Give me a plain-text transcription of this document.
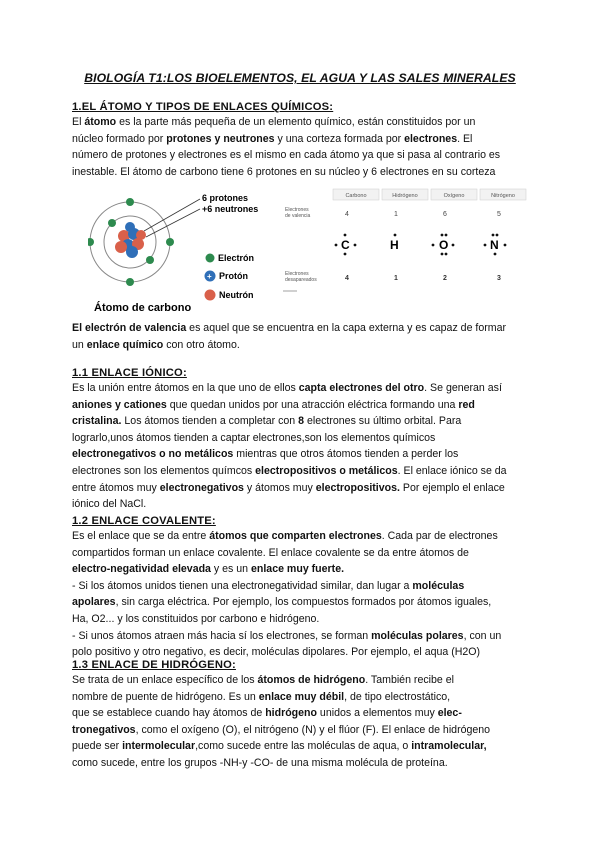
BIOLOGÍA T1:LOS BIOELEMENTOS, EL AGUA Y LAS SALES MINERALES
1.EL ÁTOMO Y TIPOS DE ENLACES QUÍMICOS:

El átomo es la parte más pequeña de un elemento químico, están constituidos por un

núcleo formado por protones y neutrones y una corteza formada por electrones. El

número de protones y electrones es el mismo en cada átomo ya que si pasa al contrario es

inestable. El átomo de carbono tiene 6 protones en su núcleo y 6 electrones en su corteza

6 protones
+6 neutrones
Electrón
+ Protón
Neutrón
Átomo de carbono
Carbono	Hidrógeno	Oxígeno	Nitrógeno
Electrones
de valencia	4	1	6	5
C	H	O	N
Electrones
desapareados	4	1	2	3

El electrón de valencia es aquel que se encuentra en la capa externa y es capaz de formar

un enlace químico con otro átomo.

1.1 ENLACE IÓNICO:

Es la unión entre átomos en la que uno de ellos capta electrones del otro. Se generan así

aniones y cationes que quedan unidos por una atracción eléctrica formando una red

cristalina. Los átomos tienden a completar con 8 electrones su último orbital. Para

lograrlo,unos átomos tienden a captar electrones,son los elementos químicos

electronegativos o no metálicos mientras que otros átomos tienden a perder los

electrones son los elementos químcos electropositivos o metálicos. El enlace iónico se da

entre átomos muy electronegativos y átomos muy electropositivos. Por ejemplo el enlace

iónico del NaCl.

1.2 ENLACE COVALENTE:

Es el enlace que se da entre átomos que comparten electrones. Cada par de electrones

compartidos forman un enlace covalente. El enlace covalente se da entre átomos de

electro-negatividad elevada y es un enlace muy fuerte.

- Si los átomos unidos tienen una electronegatividad similar, dan lugar a moléculas

apolares, sin carga eléctrica. Por ejemplo, los compuestos formados por átomos iguales,

Ha, O2... y los constituidos por carbono e hidrógeno.

- Si unos átomos atraen más hacia sí los electrones, se forman moléculas polares, con un

polo positivo y otro negativo, es decir, moléculas dipolares. Por ejemplo, el aqua (H2O)

1.3 ENLACE DE HIDRÓGENO:

Se trata de un enlace específico de los átomos de hidrógeno. También recibe el

nombre de puente de hidrógeno. Es un enlace muy débil, de tipo electrostático,

que se establece cuando hay átomos de hidrógeno unidos a elementos muy elec-

tronegativos, como el oxígeno (O), el nitrógeno (N) y el flúor (F). El enlace de hidrógeno

puede ser intermolecular,como sucede entre las moléculas de aqua, o intramolecular,

como sucede, entre los grupos -NH-y -CO- de una misma molécula de proteína.
